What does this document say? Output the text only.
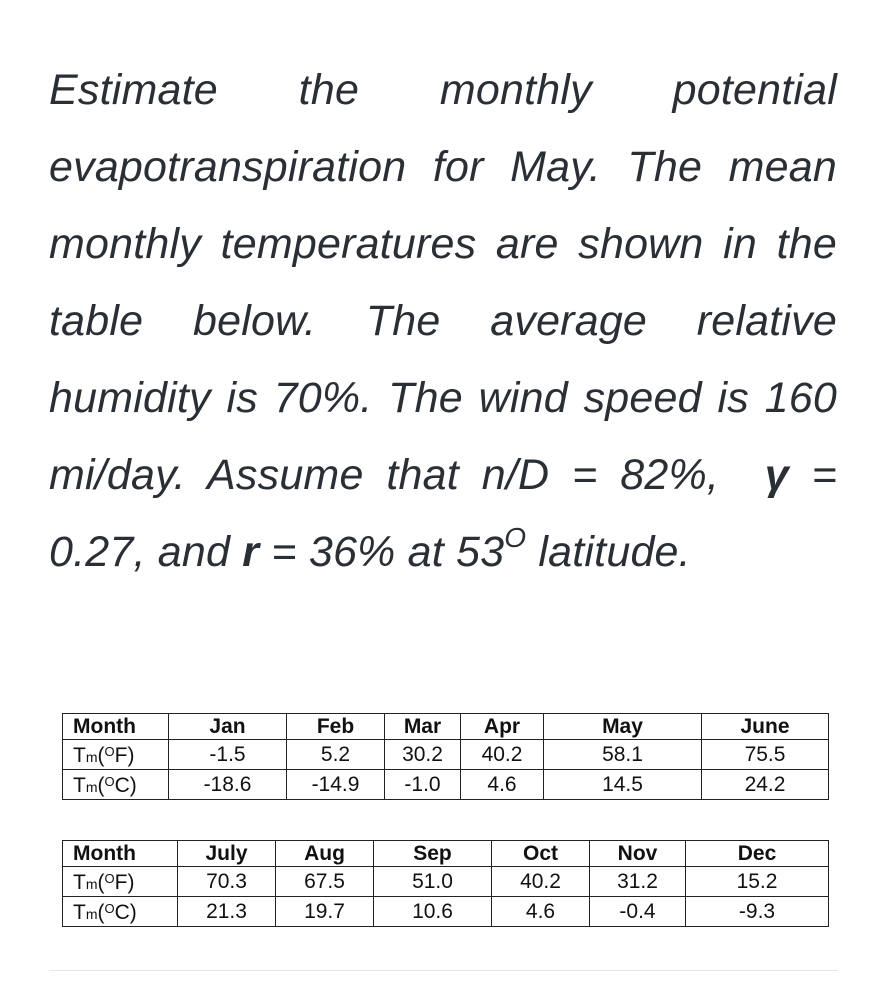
Estimate the monthly potential evapotranspiration for May. The mean monthly temperatures are shown in the table below. The average relative humidity is 70%. The wind speed is 160 mi/day. Assume that n/D = 82%, γ = 0.27, and r = 36% at $53^O$ latitude.

Month	Jan	Feb	Mar	Apr	May	June
Tm($^O$F)	-1.5	5.2	30.2	40.2	58.1	75.5
Tm($^O$C)	-18.6	-14.9	-1.0	4.6	14.5	24.2
Month	July	Aug	Sep	Oct	Nov	Dec
Tm($^O$F)	70.3	67.5	51.0	40.2	31.2	15.2
Tm($^O$C)	21.3	19.7	10.6	4.6	-0.4	-9.3
